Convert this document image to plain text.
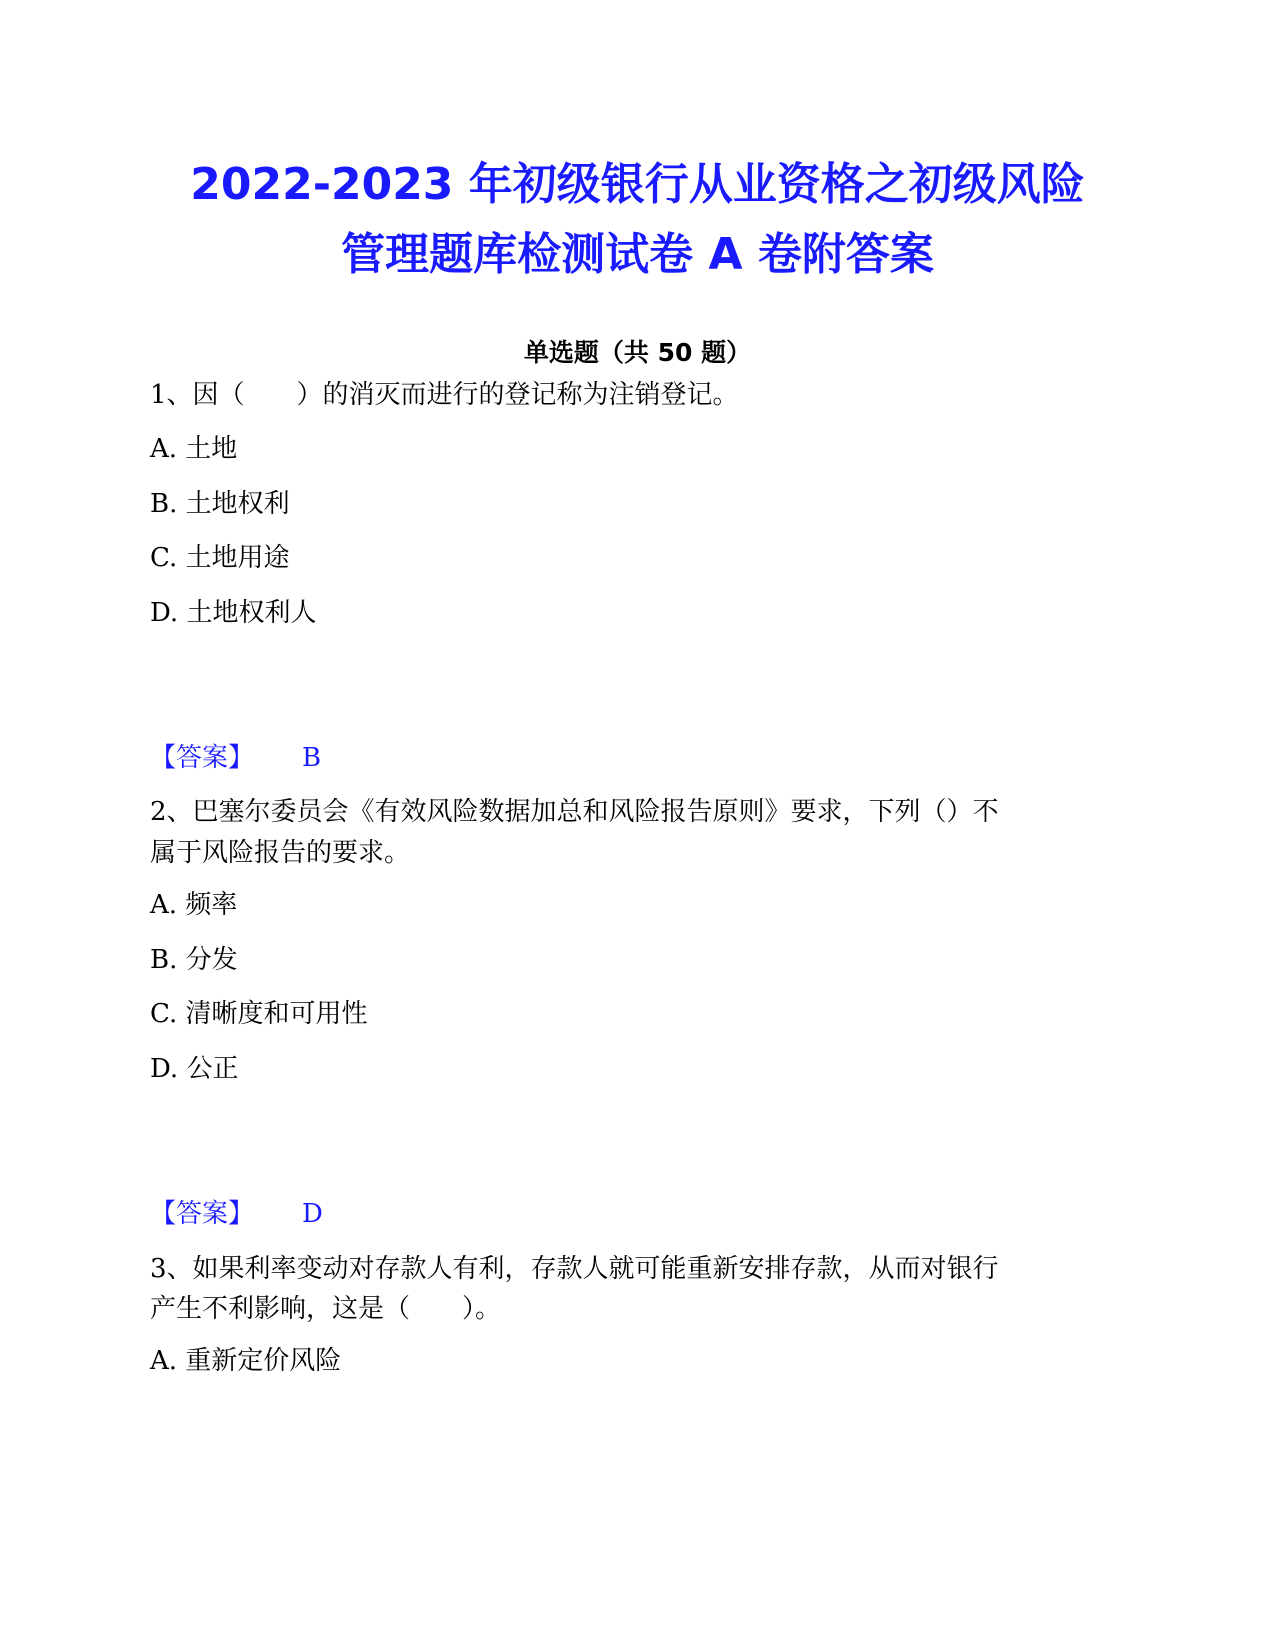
2022-2023 年初级银行从业资格之初级风险
管理题库检测试卷 A 卷附答案
单选题（共 50 题）
1、因（　　）的消灭而进行的登记称为注销登记。
A. 土地
B. 土地权利
C. 土地用途
D. 土地权利人
【答案】 B
2、巴塞尔委员会《有效风险数据加总和风险报告原则》要求，下列（）不
属于风险报告的要求。
A. 频率
B. 分发
C. 清晰度和可用性
D. 公正
【答案】 D
3、如果利率变动对存款人有利，存款人就可能重新安排存款，从而对银行
产生不利影响，这是（　　）。
A. 重新定价风险
